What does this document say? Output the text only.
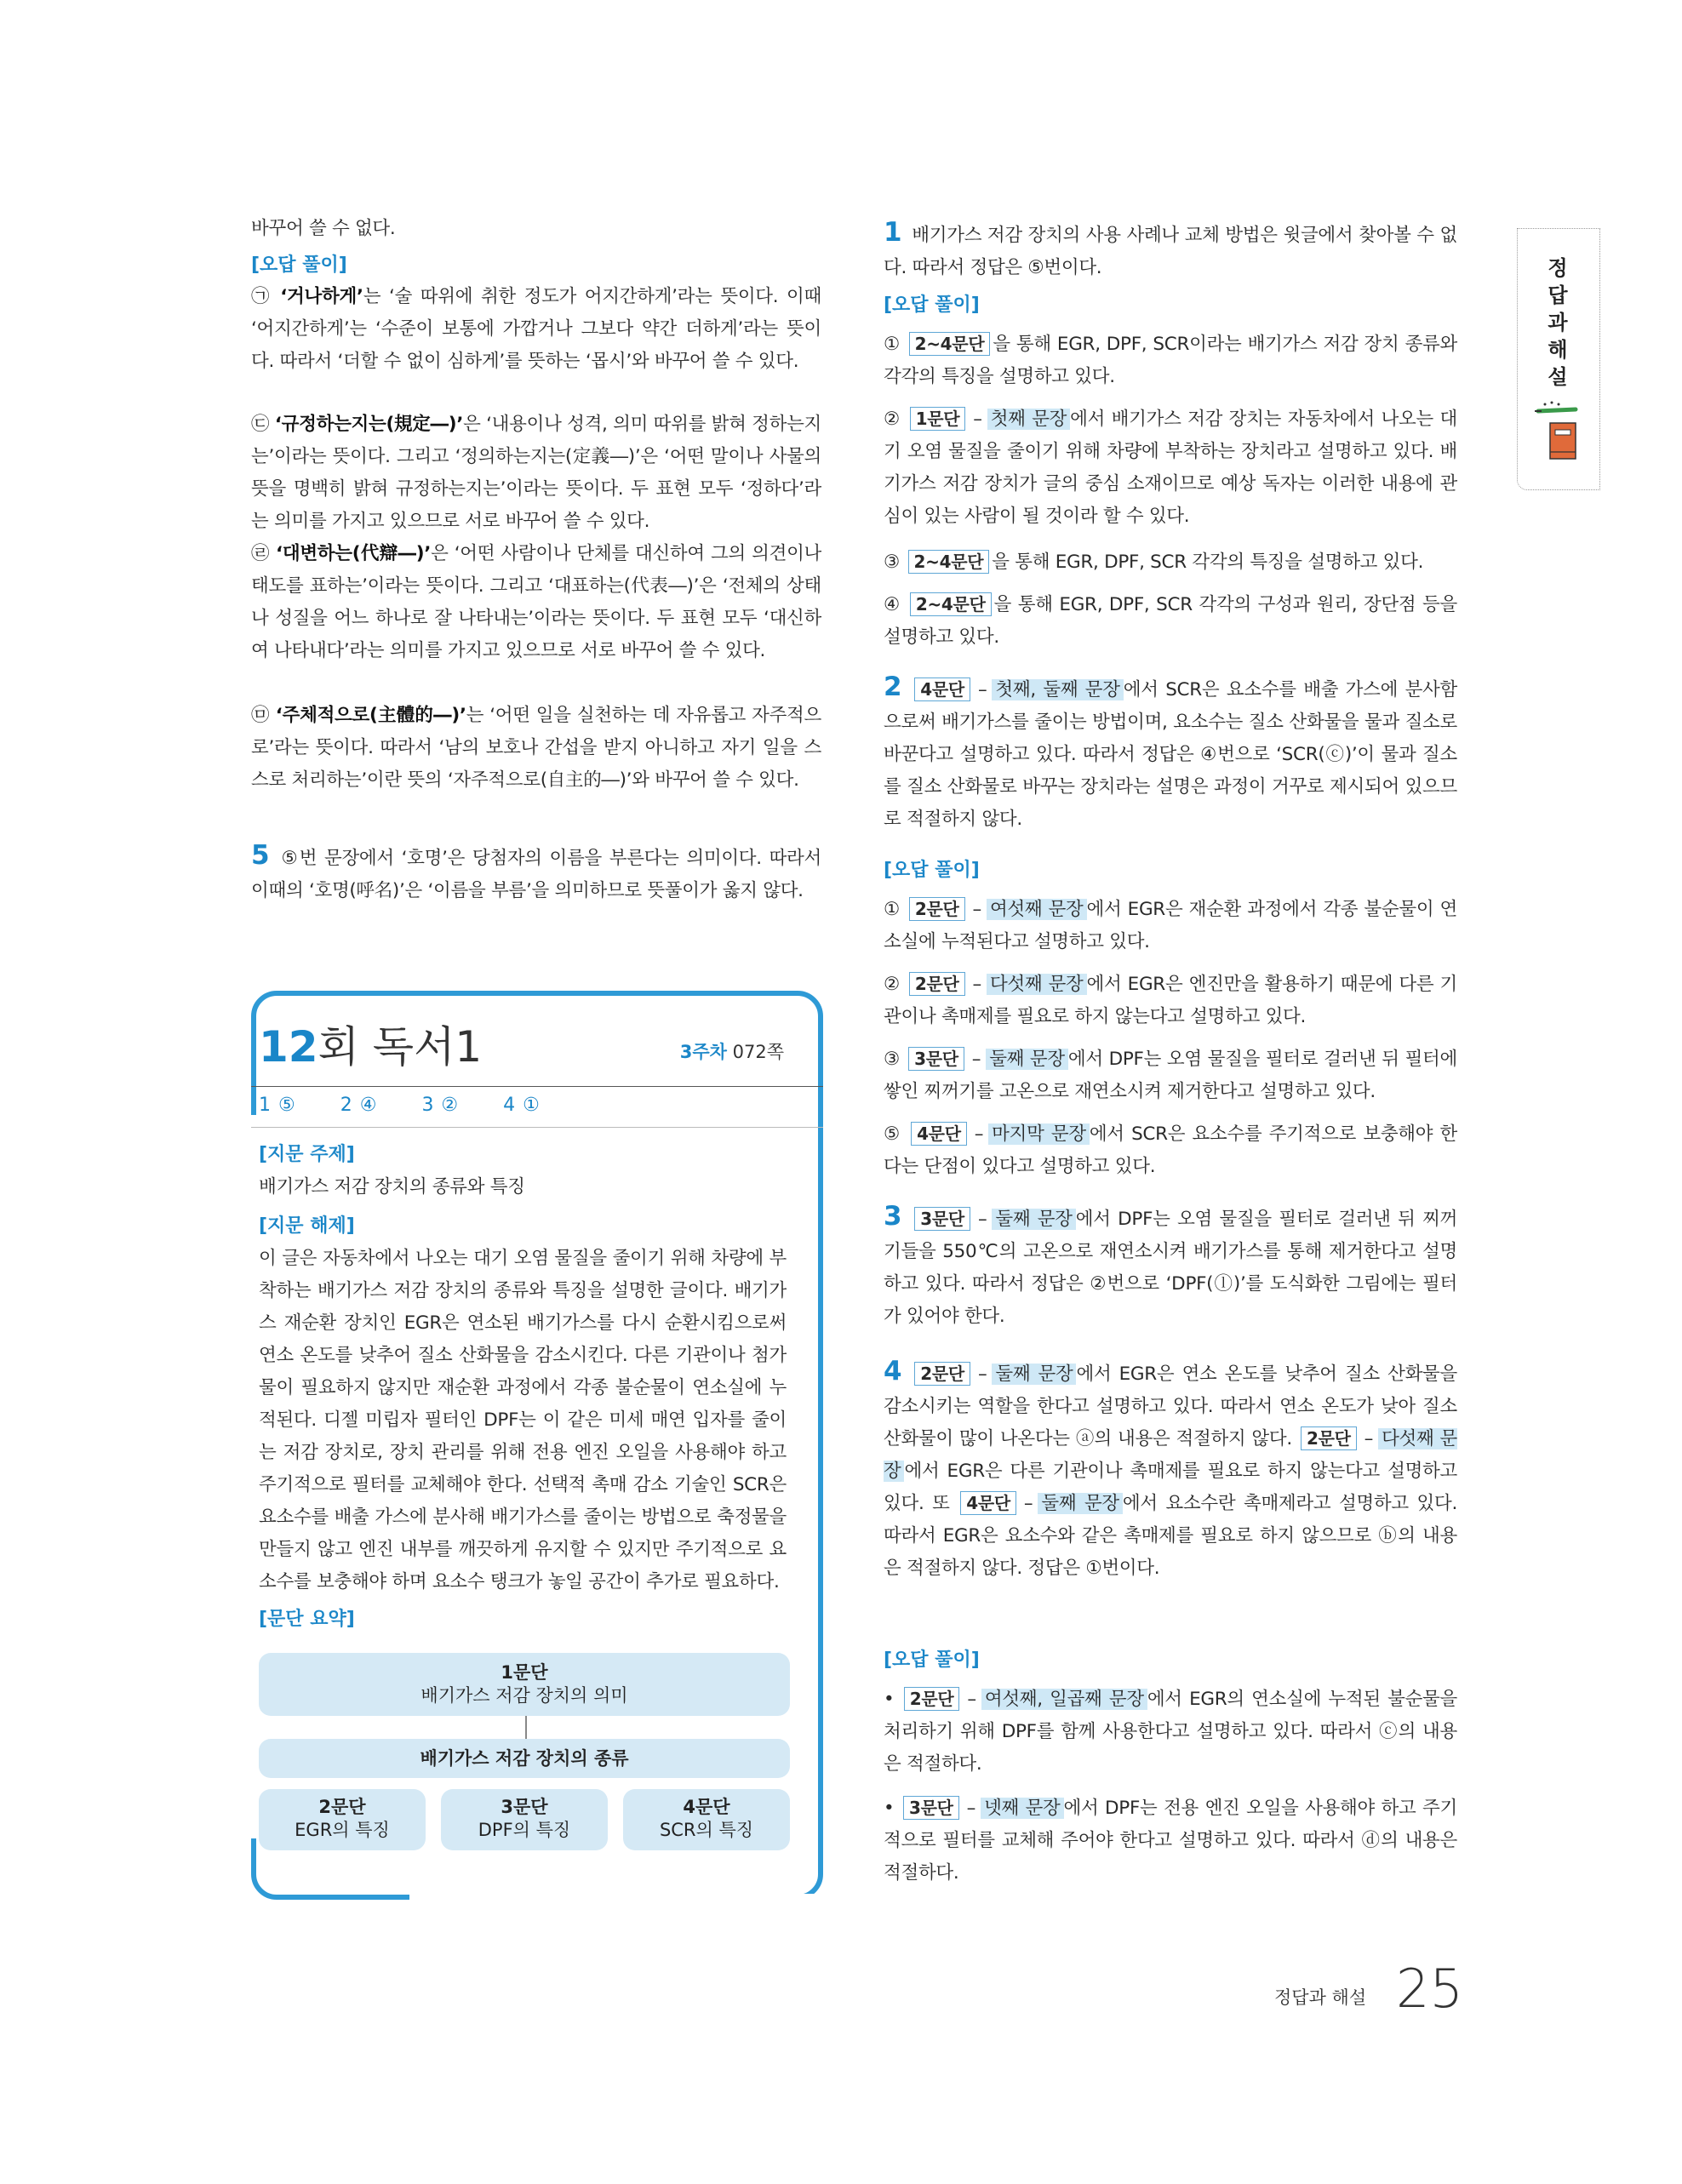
바꾸어 쓸 수 없다.

[오답 풀이]

㉠ ‘거나하게’는 ‘술 따위에 취한 정도가 어지간하게’라는 뜻이다. 이때 ‘어지간하게’는 ‘수준이 보통에 가깝거나 그보다 약간 더하게’라는 뜻이다. 따라서 ‘더할 수 없이 심하게’를 뜻하는 ‘몹시’와 바꾸어 쓸 수 있다.

㉢ ‘규정하는지는(規定―)’은 ‘내용이나 성격, 의미 따위를 밝혀 정하는지는’이라는 뜻이다. 그리고 ‘정의하는지는(定義―)’은 ‘어떤 말이나 사물의 뜻을 명백히 밝혀 규정하는지는’이라는 뜻이다. 두 표현 모두 ‘정하다’라는 의미를 가지고 있으므로 서로 바꾸어 쓸 수 있다.

㉣ ‘대변하는(代辯―)’은 ‘어떤 사람이나 단체를 대신하여 그의 의견이나 태도를 표하는’이라는 뜻이다. 그리고 ‘대표하는(代表―)’은 ‘전체의 상태나 성질을 어느 하나로 잘 나타내는’이라는 뜻이다. 두 표현 모두 ‘대신하여 나타내다’라는 의미를 가지고 있으므로 서로 바꾸어 쓸 수 있다.

㉤ ‘주체적으로(主體的―)’는 ‘어떤 일을 실천하는 데 자유롭고 자주적으로’라는 뜻이다. 따라서 ‘남의 보호나 간섭을 받지 아니하고 자기 일을 스스로 처리하는’이란 뜻의 ‘자주적으로(自主的―)’와 바꾸어 쓸 수 있다.

5 ⑤번 문장에서 ‘호명’은 당첨자의 이름을 부른다는 의미이다. 따라서 이때의 ‘호명(呼名)’은 ‘이름을 부름’을 의미하므로 뜻풀이가 옳지 않다.

12회 독서1	3주차 072쪽
1 ⑤ 2 ④ 3 ② 4 ①
[지문 주제]
배기가스 저감 장치의 종류와 특징
[지문 해제]

이 글은 자동차에서 나오는 대기 오염 물질을 줄이기 위해 차량에 부착하는 배기가스 저감 장치의 종류와 특징을 설명한 글이다. 배기가스 재순환 장치인 EGR은 연소된 배기가스를 다시 순환시킴으로써 연소 온도를 낮추어 질소 산화물을 감소시킨다. 다른 기관이나 첨가물이 필요하지 않지만 재순환 과정에서 각종 불순물이 연소실에 누적된다. 디젤 미립자 필터인 DPF는 이 같은 미세 매연 입자를 줄이는 저감 장치로, 장치 관리를 위해 전용 엔진 오일을 사용해야 하고 주기적으로 필터를 교체해야 한다. 선택적 촉매 감소 기술인 SCR은 요소수를 배출 가스에 분사해 배기가스를 줄이는 방법으로 축정물을 만들지 않고 엔진 내부를 깨끗하게 유지할 수 있지만 주기적으로 요소수를 보충해야 하며 요소수 탱크가 놓일 공간이 추가로 필요하다.

[문단 요약]
1문단
배기가스 저감 장치의 의미
배기가스 저감 장치의 종류
2문단
EGR의 특징
3문단
DPF의 특징
4문단
SCR의 특징

1 배기가스 저감 장치의 사용 사례나 교체 방법은 윗글에서 찾아볼 수 없다. 따라서 정답은 ⑤번이다.

[오답 풀이]

① 2~4문단 을 통해 EGR, DPF, SCR이라는 배기가스 저감 장치 종류와 각각의 특징을 설명하고 있다.

② 1문단 – 첫째 문장 에서 배기가스 저감 장치는 자동차에서 나오는 대기 오염 물질을 줄이기 위해 차량에 부착하는 장치라고 설명하고 있다. 배기가스 저감 장치가 글의 중심 소재이므로 예상 독자는 이러한 내용에 관심이 있는 사람이 될 것이라 할 수 있다.

③ 2~4문단 을 통해 EGR, DPF, SCR 각각의 특징을 설명하고 있다.

④ 2~4문단 을 통해 EGR, DPF, SCR 각각의 구성과 원리, 장단점 등을 설명하고 있다.

2 4문단 – 첫째, 둘째 문장 에서 SCR은 요소수를 배출 가스에 분사함으로써 배기가스를 줄이는 방법이며, 요소수는 질소 산화물을 물과 질소로 바꾼다고 설명하고 있다. 따라서 정답은 ④번으로 ‘SCR(ⓒ)’이 물과 질소를 질소 산화물로 바꾸는 장치라는 설명은 과정이 거꾸로 제시되어 있으므로 적절하지 않다.

[오답 풀이]

① 2문단 – 여섯째 문장 에서 EGR은 재순환 과정에서 각종 불순물이 연소실에 누적된다고 설명하고 있다.

② 2문단 – 다섯째 문장 에서 EGR은 엔진만을 활용하기 때문에 다른 기관이나 촉매제를 필요로 하지 않는다고 설명하고 있다.

③ 3문단 – 둘째 문장 에서 DPF는 오염 물질을 필터로 걸러낸 뒤 필터에 쌓인 찌꺼기를 고온으로 재연소시켜 제거한다고 설명하고 있다.

⑤ 4문단 – 마지막 문장 에서 SCR은 요소수를 주기적으로 보충해야 한다는 단점이 있다고 설명하고 있다.

3 3문단 – 둘째 문장 에서 DPF는 오염 물질을 필터로 걸러낸 뒤 찌꺼기들을 550℃의 고온으로 재연소시켜 배기가스를 통해 제거한다고 설명하고 있다. 따라서 정답은 ②번으로 ‘DPF(ⓛ)’를 도식화한 그림에는 필터가 있어야 한다.

4 2문단 – 둘째 문장 에서 EGR은 연소 온도를 낮추어 질소 산화물을 감소시키는 역할을 한다고 설명하고 있다. 따라서 연소 온도가 낮아 질소산화물이 많이 나온다는 ⓐ의 내용은 적절하지 않다. 2문단 – 다섯째 문장 에서 EGR은 다른 기관이나 촉매제를 필요로 하지 않는다고 설명하고 있다. 또 4문단 – 둘째 문장 에서 요소수란 촉매제라고 설명하고 있다. 따라서 EGR은 요소수와 같은 촉매제를 필요로 하지 않으므로 ⓑ의 내용은 적절하지 않다. 정답은 ①번이다.

[오답 풀이]

• 2문단 – 여섯째, 일곱째 문장 에서 EGR의 연소실에 누적된 불순물을 처리하기 위해 DPF를 함께 사용한다고 설명하고 있다. 따라서 ⓒ의 내용은 적절하다.

• 3문단 – 넷째 문장 에서 DPF는 전용 엔진 오일을 사용해야 하고 주기적으로 필터를 교체해 주어야 한다고 설명하고 있다. 따라서 ⓓ의 내용은 적절하다.

정답과 해설
정답과 해설 25
